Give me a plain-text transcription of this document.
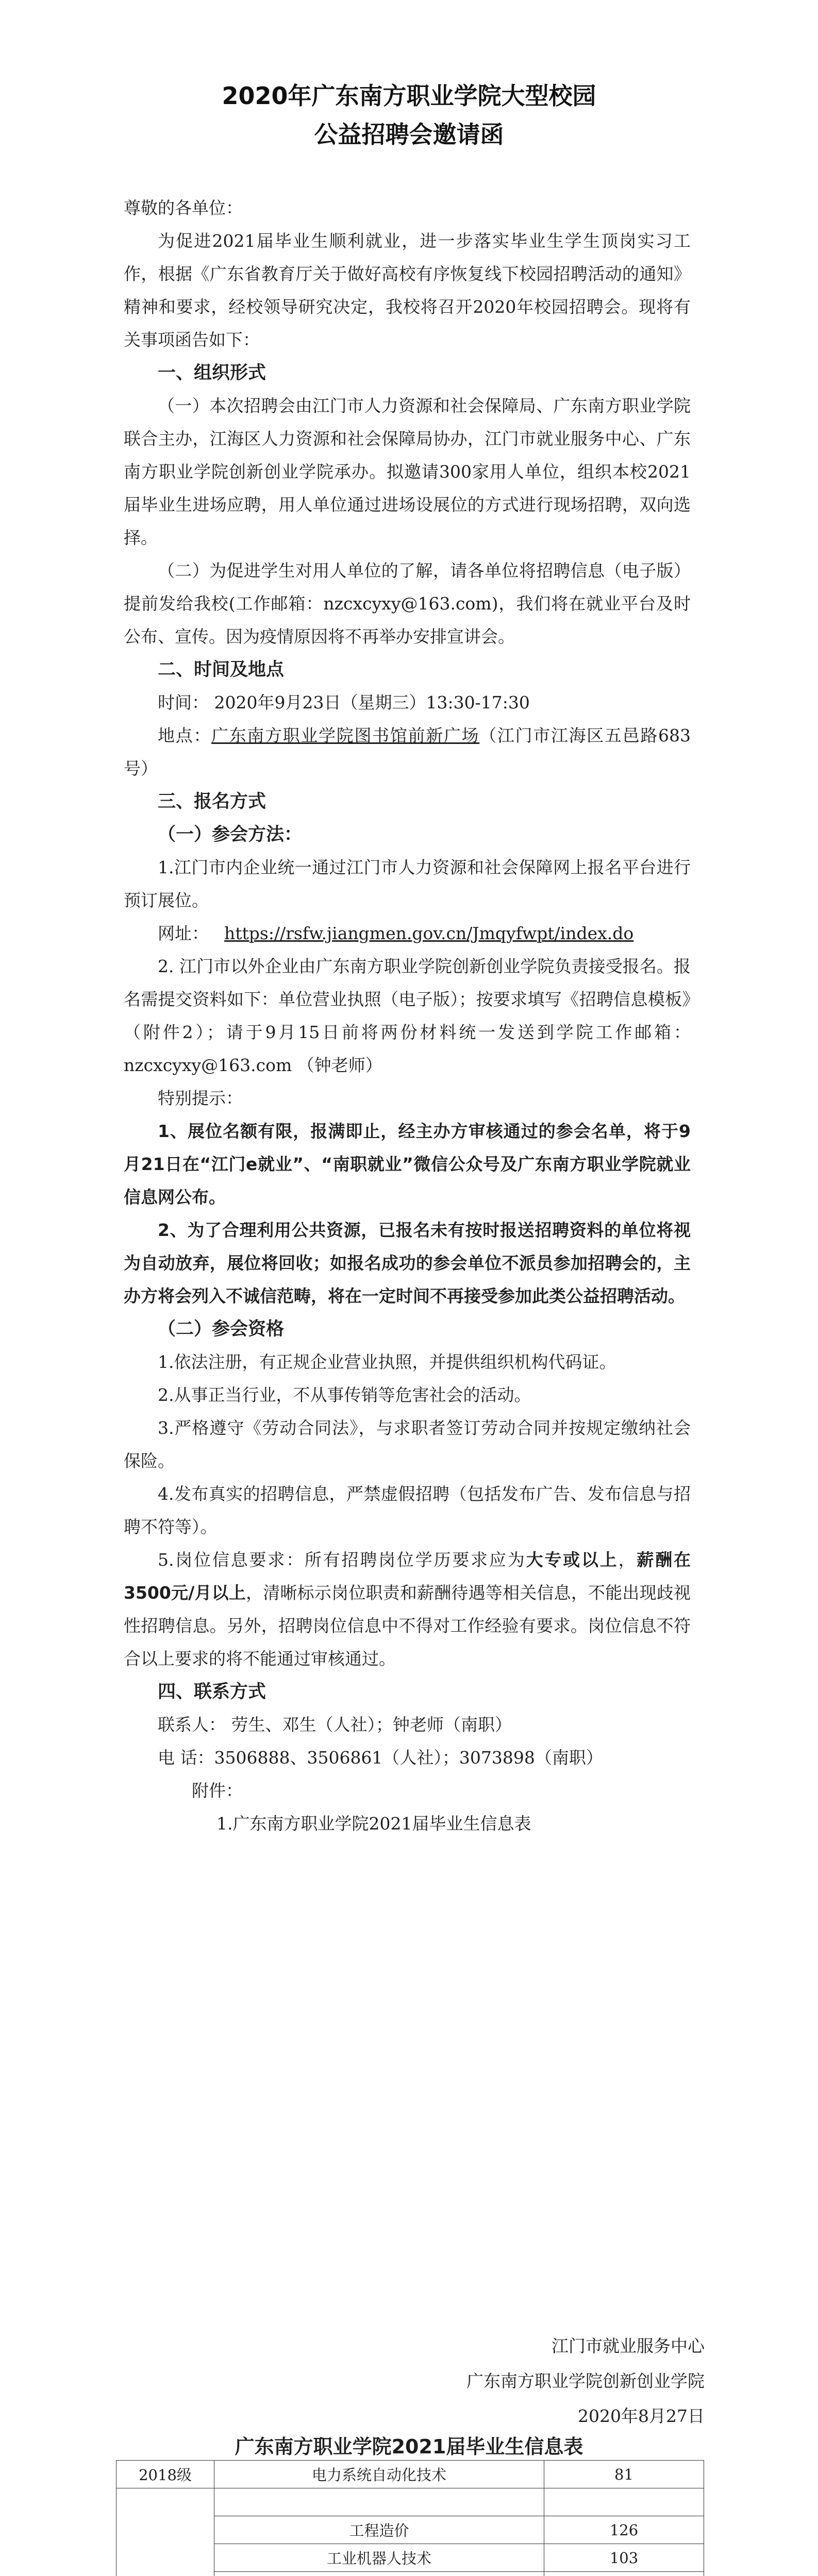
2020年广东南方职业学院大型校园
公益招聘会邀请函

尊敬的各单位：

为促进2021届毕业生顺利就业，进一步落实毕业生学生顶岗实习工作，根据《广东省教育厅关于做好高校有序恢复线下校园招聘活动的通知》精神和要求，经校领导研究决定，我校将召开2020年校园招聘会。现将有关事项函告如下：

一、组织形式

（一）本次招聘会由江门市人力资源和社会保障局、广东南方职业学院联合主办，江海区人力资源和社会保障局协办，江门市就业服务中心、广东南方职业学院创新创业学院承办。拟邀请300家用人单位，组织本校2021届毕业生进场应聘，用人单位通过进场设展位的方式进行现场招聘，双向选择。

（二）为促进学生对用人单位的了解，请各单位将招聘信息（电子版）提前发给我校(工作邮箱：nzcxcyxy@163.com)，我们将在就业平台及时公布、宣传。因为疫情原因将不再举办安排宣讲会。

二、时间及地点

时间： 2020年9月23日（星期三）13:30-17:30

地点：广东南方职业学院图书馆前新广场（江门市江海区五邑路683号）

三、报名方式

（一）参会方法：

1.江门市内企业统一通过江门市人力资源和社会保障网上报名平台进行预订展位。

网址： https://rsfw.jiangmen.gov.cn/Jmqyfwpt/index.do

2. 江门市以外企业由广东南方职业学院创新创业学院负责接受报名。报名需提交资料如下：单位营业执照（电子版）；按要求填写《招聘信息模板》（附件2）；请于9月15日前将两份材料统一发送到学院工作邮箱：nzcxcyxy@163.com （钟老师）

特别提示：

1、展位名额有限，报满即止，经主办方审核通过的参会名单，将于9月21日在“江门e就业”、“南职就业”微信公众号及广东南方职业学院就业信息网公布。

2、为了合理利用公共资源，已报名未有按时报送招聘资料的单位将视为自动放弃，展位将回收；如报名成功的参会单位不派员参加招聘会的，主办方将会列入不诚信范畴，将在一定时间不再接受参加此类公益招聘活动。

（二）参会资格

1.依法注册，有正规企业营业执照，并提供组织机构代码证。

2.从事正当行业，不从事传销等危害社会的活动。

3.严格遵守《劳动合同法》，与求职者签订劳动合同并按规定缴纳社会保险。

4.发布真实的招聘信息，严禁虚假招聘（包括发布广告、发布信息与招聘不符等）。

5.岗位信息要求：所有招聘岗位学历要求应为大专或以上，薪酬在3500元/月以上，清晰标示岗位职责和薪酬待遇等相关信息，不能出现歧视性招聘信息。另外，招聘岗位信息中不得对工作经验有要求。岗位信息不符合以上要求的将不能通过审核通过。

四、联系方式

联系人： 劳生、邓生（人社）；钟老师（南职）

电 话：3506888、3506861（人社）；3073898（南职）

附件：

1.广东南方职业学院2021届毕业生信息表

江门市就业服务中心
广东南方职业学院创新创业学院
2020年8月27日
广东南方职业学院2021届毕业生信息表
2018级	电力系统自动化技术	81

	工程造价	126
	工业机器人技术	103
